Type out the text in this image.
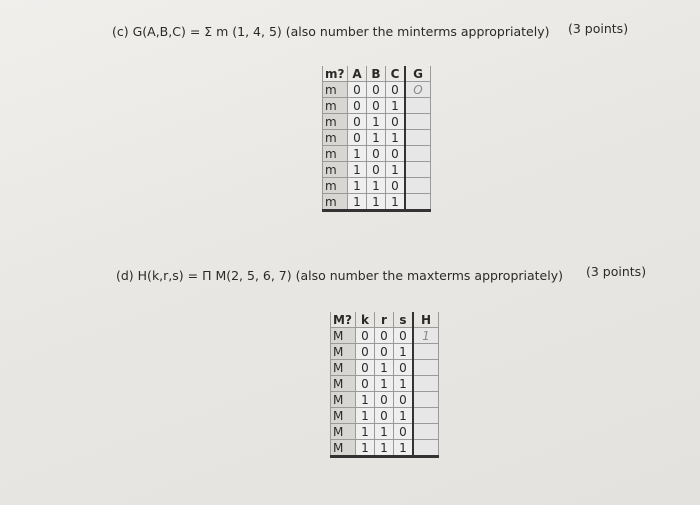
(c) G(A,B,C) = Σ m (1, 4, 5) (also number the minterms appropriately) (3 points)
m?	A	B	C	G
m	0	0	0	O
m	0	0	1	
m	0	1	0	
m	0	1	1	
m	1	0	0	
m	1	0	1	
m	1	1	0	
m	1	1	1	
(d) H(k,r,s) = Π M(2, 5, 6, 7) (also number the maxterms appropriately) (3 points)
M?	k	r	s	H
M	0	0	0	1
M	0	0	1	
M	0	1	0	
M	0	1	1	
M	1	0	0	
M	1	0	1	
M	1	1	0	
M	1	1	1	
